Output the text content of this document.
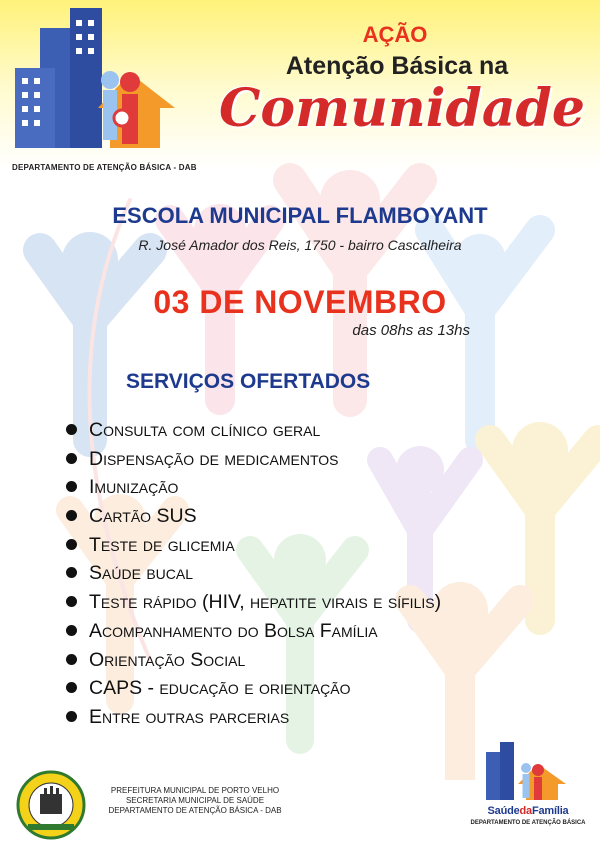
DEPARTAMENTO DE ATENÇÃO BÁSICA - DAB
AÇÃO
Atenção Básica na
Comunidade
ESCOLA MUNICIPAL FLAMBOYANT
R. José Amador dos Reis, 1750 - bairro Cascalheira
03 DE NOVEMBRO
das 08hs as 13hs
SERVIÇOS OFERTADOS
Consulta com clínico geral
Dispensação de medicamentos
Imunização
Cartão SUS
Teste de glicemia
Saúde bucal
Teste rápido (HIV, hepatite virais e sífilis)
Acompanhamento do Bolsa Família
Orientação Social
CAPS - educação e orientação
Entre outras parcerias
PREFEITURA MUNICIPAL DE PORTO VELHO
SECRETARIA MUNICIPAL DE SAÚDE
DEPARTAMENTO DE ATENÇÃO BÁSICA - DAB	SaúdedaFamília
DEPARTAMENTO DE ATENÇÃO BÁSICA
